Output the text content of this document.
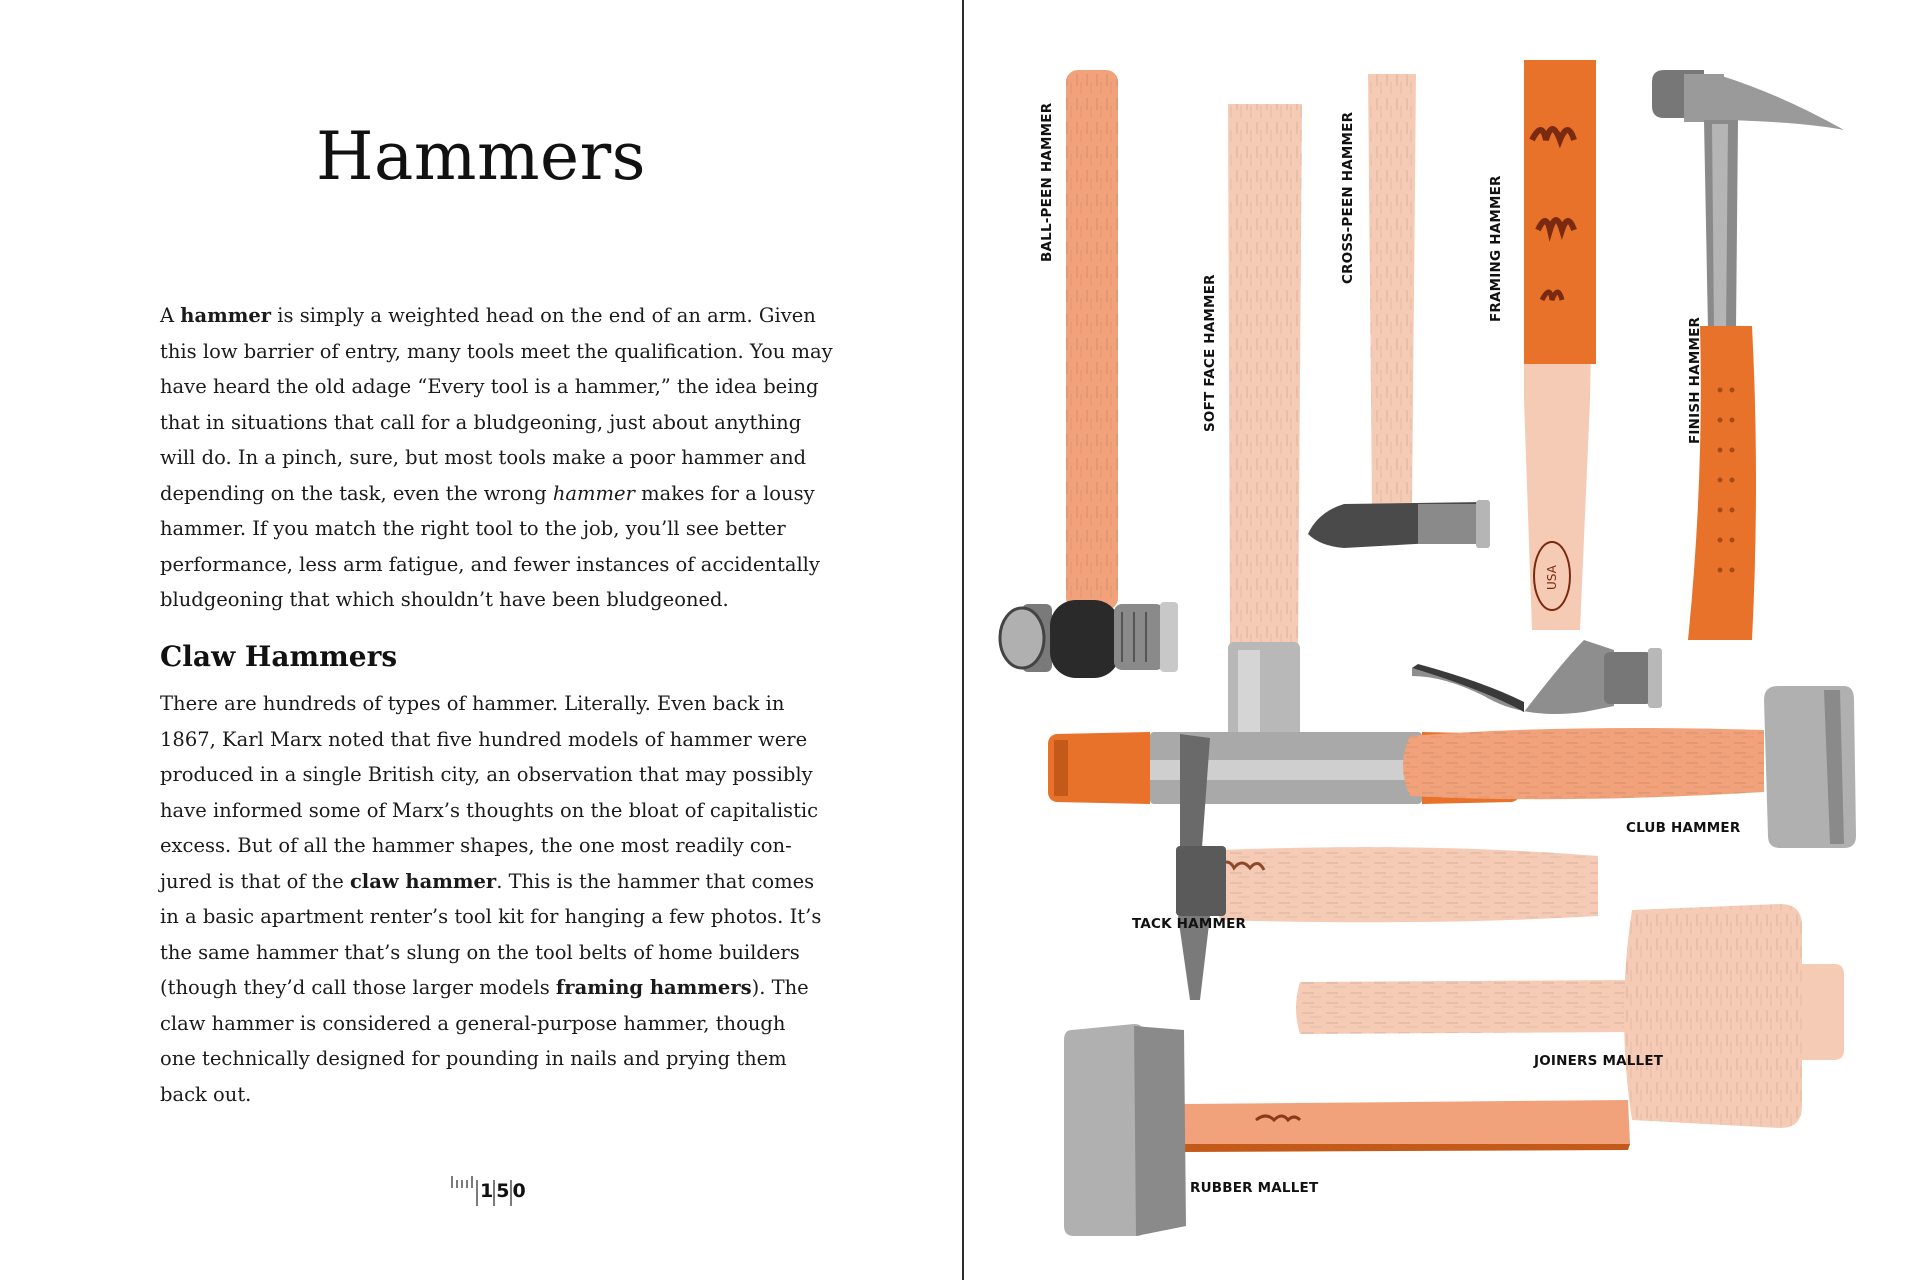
Hammers
A hammer is simply a weighted head on the end of an arm. Given
this low barrier of entry, many tools meet the qualification. You may
have heard the old adage “Every tool is a hammer,” the idea being
that in situations that call for a bludgeoning, just about anything
will do. In a pinch, sure, but most tools make a poor hammer and
depending on the task, even the wrong hammer makes for a lousy
hammer. If you match the right tool to the job, you’ll see better
performance, less arm fatigue, and fewer instances of accidentally
bludgeoning that which shouldn’t have been bludgeoned.
Claw Hammers
There are hundreds of types of hammer. Literally. Even back in
1867, Karl Marx noted that five hundred models of hammer were
produced in a single British city, an observation that may possibly
have informed some of Marx’s thoughts on the bloat of capitalistic
excess. But of all the hammer shapes, the one most readily con-
jured is that of the claw hammer. This is the hammer that comes
in a basic apartment renter’s tool kit for hanging a few photos. It’s
the same hammer that’s slung on the tool belts of home builders
(though they’d call those larger models framing hammers). The
claw hammer is considered a general-purpose hammer, though
one technically designed for pounding in nails and prying them
back out.
150
BALL-PEEN HAMMER
SOFT FACE HAMMER
CROSS-PEEN HAMMER
USA
FRAMING HAMMER
FINISH HAMMER
CLUB HAMMER
TACK HAMMER
JOINERS MALLET
RUBBER MALLET
